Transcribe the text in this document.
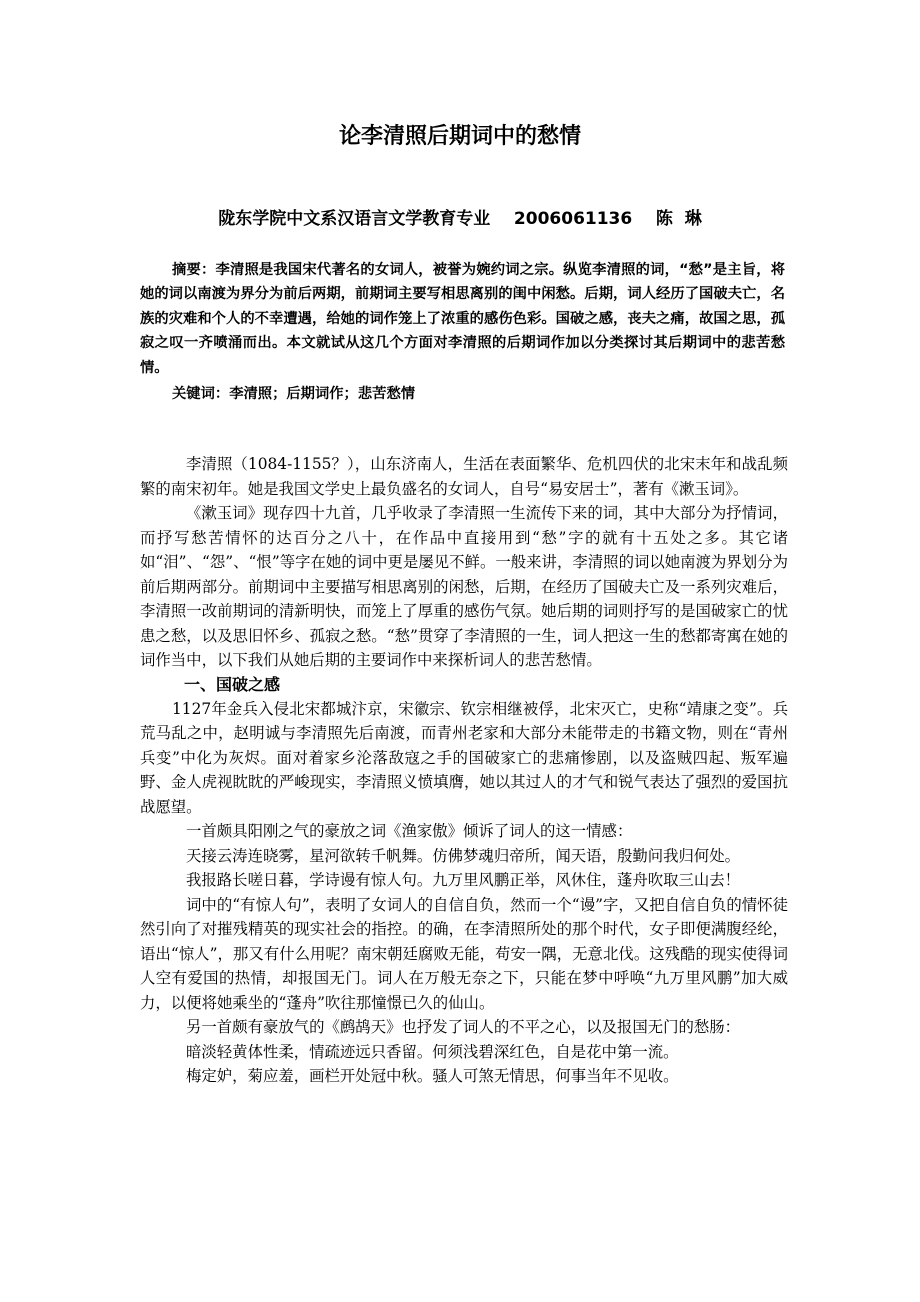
论李清照后期词中的愁情
陇东学院中文系汉语言文学教育专业    2006061136    陈  琳

摘要：李清照是我国宋代著名的女词人，被誉为婉约词之宗。纵览李清照的词，“愁”是主旨，将她的词以南渡为界分为前后两期，前期词主要写相思离别的闺中闲愁。后期，词人经历了国破夫亡，名族的灾难和个人的不幸遭遇，给她的词作笼上了浓重的感伤色彩。国破之感，丧夫之痛，故国之思，孤寂之叹一齐喷涌而出。本文就试从这几个方面对李清照的后期词作加以分类探讨其后期词中的悲苦愁情。

关键词：李清照；后期词作；悲苦愁情

李清照（1084-1155？），山东济南人，生活在表面繁华、危机四伏的北宋末年和战乱频繁的南宋初年。她是我国文学史上最负盛名的女词人，自号“易安居士”，著有《漱玉词》。

《漱玉词》现存四十九首，几乎收录了李清照一生流传下来的词，其中大部分为抒情词，而抒写愁苦情怀的达百分之八十，在作品中直接用到“愁”字的就有十五处之多。其它诸如“泪”、“怨”、“恨”等字在她的词中更是屡见不鲜。一般来讲，李清照的词以她南渡为界划分为前后期两部分。前期词中主要描写相思离别的闲愁，后期，在经历了国破夫亡及一系列灾难后，李清照一改前期词的清新明快，而笼上了厚重的感伤气氛。她后期的词则抒写的是国破家亡的忧患之愁，以及思旧怀乡、孤寂之愁。“愁”贯穿了李清照的一生，词人把这一生的愁都寄寓在她的词作当中，以下我们从她后期的主要词作中来探析词人的悲苦愁情。

一、国破之感

1127年金兵入侵北宋都城汴京，宋徽宗、钦宗相继被俘，北宋灭亡，史称“靖康之变”。兵荒马乱之中，赵明诚与李清照先后南渡，而青州老家和大部分未能带走的书籍文物，则在“青州兵变”中化为灰烬。面对着家乡沦落敌寇之手的国破家亡的悲痛惨剧，以及盗贼四起、叛军遍野、金人虎视眈眈的严峻现实，李清照义愤填膺，她以其过人的才气和锐气表达了强烈的爱国抗战愿望。

一首颇具阳刚之气的豪放之词《渔家傲》倾诉了词人的这一情感：

天接云涛连晓雾，星河欲转千帆舞。仿佛梦魂归帝所，闻天语，殷勤问我归何处。

我报路长嗟日暮，学诗谩有惊人句。九万里风鹏正举，风休住，蓬舟吹取三山去！

词中的“有惊人句”，表明了女词人的自信自负，然而一个“谩”字，又把自信自负的情怀徒然引向了对摧残精英的现实社会的指控。的确，在李清照所处的那个时代，女子即便满腹经纶，语出“惊人”，那又有什么用呢？南宋朝廷腐败无能，苟安一隅，无意北伐。这残酷的现实使得词人空有爱国的热情，却报国无门。词人在万般无奈之下，只能在梦中呼唤“九万里风鹏”加大威力，以便将她乘坐的“蓬舟”吹往那憧憬已久的仙山。

另一首颇有豪放气的《鹧鸪天》也抒发了词人的不平之心，以及报国无门的愁肠：

暗淡轻黄体性柔，情疏迹远只香留。何须浅碧深红色，自是花中第一流。

梅定妒，菊应羞，画栏开处冠中秋。骚人可煞无情思，何事当年不见收。
